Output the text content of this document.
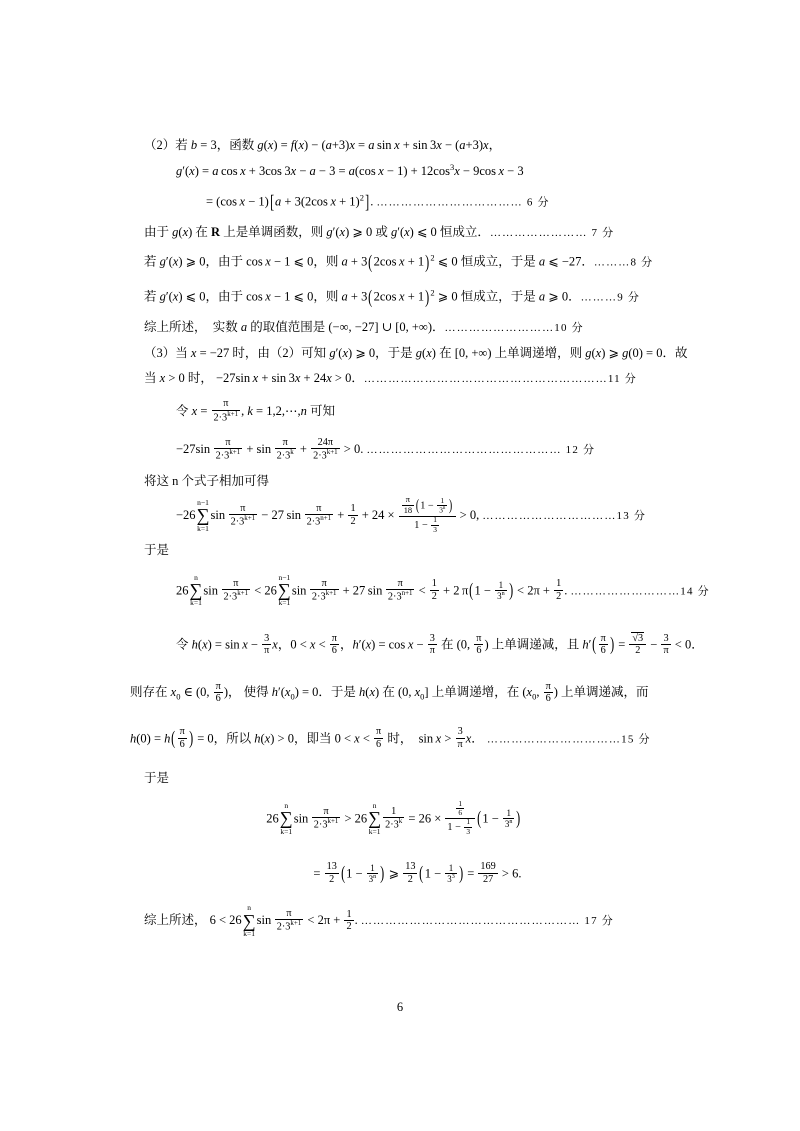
（2）若 b = 3，函数 g(x) = f(x) − (a+3)x = a sin x + sin 3x − (a+3)x，

g′(x) = a cos x + 3cos 3x − a − 3 = a(cos $x - 1) + 12\cos^3x - 9\cos$ x − 3

= (cos x − 1)[a + 3(2cos x + 1)$^2$]. ……………………………… 6 分

由于 g(x) 在 R 上是单调函数，则 g′(x) ⩾ 0 或 g′(x) ⩽ 0 恒成立．…………………… 7 分

若 g′(x) ⩾ 0，由于 cos x − 1 ⩽ 0，则 a + 3(2cos x + 1)$^2$ ⩽ 0 恒成立，于是 a ⩽ −27．………8 分

若 g′(x) ⩽ 0，由于 cos x − 1 ⩽ 0，则 a + 3(2cos x + 1)$^2$ ⩾ 0 恒成立，于是 a ⩾ 0．………9 分

综上所述，  实数 a 的取值范围是 (−∞, −27] ∪ [0, +∞)．………………………10 分

（3）当 x = −27 时，由（2）可知 g′(x) ⩾ 0，于是 g(x) 在 [0, +∞) 上单调递增，则 g(x) ⩾ g(0) = 0．故

当 x > 0 时， −27sin x + sin 3x + 24x > 0．……………………………………………………11 分

令 $x = \frac{\pi}{2\cdot 3^{k+1}}$ , k = 1,2,⋯,n 可知

$-27\sin \frac{\pi}{2\cdot 3^{k+1}} + \sin \frac{\pi}{2\cdot 3^k} + \frac{24\pi}{2\cdot 3^{k+1}} > 0$. ………………………………………… 12 分

将这 n 个式子相加可得

−26
n−1
∑
k=1
$\sin \frac{\pi}{2\cdot 3^{k+1}} - 27$ $\sin \frac{\pi}{2\cdot 3^{n+1}} + \frac{1}{2} + 24 \times \frac{\frac{\pi}{18} (1 - \frac{1}{3^n} )}{1 - \frac{1}{3}} > 0$, ……………………………13 分

于是

26
n
∑
k=1
$\sin \frac{\pi}{2\cdot 3^{k+1}} < 26$
n−1
∑
k=1
$\sin \frac{\pi}{2\cdot 3^{k+1}} + 27$ $\sin \frac{\pi}{2\cdot 3^{n+1}} < \frac{1}{2} + 2$ $\pi(1 - \frac{1}{3^n}$ ) < $2\pi + \frac{1}{2}$ . ………………………14 分

令 $h(x) = \sin x - \frac{3}{\pi}$ x，$0 < x < \frac{\pi}{6}$ ，$h'(x) = \cos x - \frac{3}{\pi}$ 在 (0, $\frac{\pi}{6}$ ) 上单调递减，且 $h'( \frac{\pi}{6}$ ) = $\frac{√3}{2} - \frac{3}{\pi} < 0$．

则存在 $x_0$ ∈ (0, $\frac{\pi}{6}$ )， 使得 $h'(x_0) = 0$．于是 h(x) 在 (0, $x_0$] 上单调递增，在 ($x_0$, $\frac{\pi}{6}$ ) 上单调递减，而

$h(0) = h( \frac{\pi}{6}$ ) = 0，所以 h(x) > 0，即当 $0 < x < \frac{\pi}{6}$ 时，  $\sin x > \frac{3}{\pi}$ x． ……………………………15 分

于是

26
n
∑
k=1
$\sin \frac{\pi}{2\cdot 3^{k+1}} > 26$
n
∑
k=1
$\frac{1}{2\cdot 3^k} = 26 \times \frac{\frac{1}{6}}{1 - \frac{1}{3}} (1 - \frac{1}{3^n}$ )

= $\frac{13}{2} (1 - \frac{1}{3^n}$ ) ⩾ $\frac{13}{2} (1 - \frac{1}{3^3}$ ) = $\frac{169}{27} > 6$.

综上所述， 6 < 26
n
∑
k=1
$\sin \frac{\pi}{2\cdot 3^{k+1}} < 2\pi + \frac{1}{2}$ . ……………………………………………… 17 分

6
